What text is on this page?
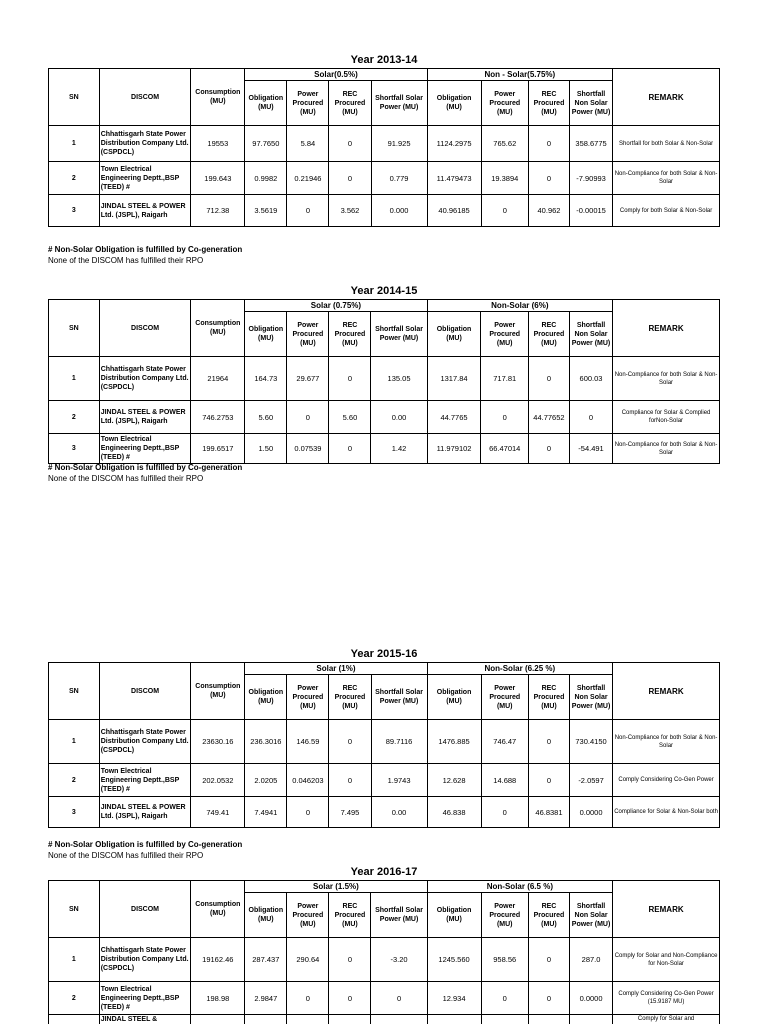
Year 2013-14
SN	DISCOM	Consumption (MU)	Solar(0.5%)				Non - Solar(5.75%)				REMARK
			Obligation (MU)	Power Procured (MU)	REC Procured (MU)	Shortfall Solar Power (MU)	Obligation (MU)	Power Procured (MU)	REC Procured (MU)	Shortfall Non Solar Power (MU)	
1	Chhattisgarh State Power Distribution Company Ltd. (CSPDCL)	19553	97.7650	5.84	0	91.925	1124.2975	765.62	0	358.6775	Shortfall for both Solar & Non-Solar
2	Town Electrical Engineering Deptt.,BSP (TEED) #	199.643	0.9982	0.21946	0	0.779	11.479473	19.3894	0	-7.90993	Non-Compliance for both Solar & Non-Solar
3	JINDAL STEEL & POWER Ltd. (JSPL), Raigarh	712.38	3.5619	0	3.562	0.000	40.96185	0	40.962	-0.00015	Comply for both Solar & Non-Solar
# Non-Solar Obligation is fulfilled by Co-generation
None of the DISCOM has fulfilled their RPO
Year 2014-15
SN	DISCOM	Consumption (MU)	Solar (0.75%)				Non-Solar (6%)				REMARK
			Obligation (MU)	Power Procured (MU)	REC Procured (MU)	Shortfall Solar Power (MU)	Obligation (MU)	Power Procured (MU)	REC Procured (MU)	Shortfall Non Solar Power (MU)	
1	Chhattisgarh State Power Distribution Company Ltd. (CSPDCL)	21964	164.73	29.677	0	135.05	1317.84	717.81	0	600.03	Non-Compliance for both Solar & Non-Solar
2	JINDAL STEEL & POWER Ltd. (JSPL), Raigarh	746.2753	5.60	0	5.60	0.00	44.7765	0	44.77652	0	Compliance for Solar & Complied forNon-Solar
3	Town Electrical Engineering Deptt.,BSP (TEED) #	199.6517	1.50	0.07539	0	1.42	11.979102	66.47014	0	-54.491	Non-Compliance for both Solar & Non-Solar
# Non-Solar Obligation is fulfilled by Co-generation
None of the DISCOM has fulfilled their RPO
Year 2015-16
SN	DISCOM	Consumption (MU)	Solar (1%)				Non-Solar (6.25 %)				REMARK
			Obligation (MU)	Power Procured (MU)	REC Procured (MU)	Shortfall Solar Power (MU)	Obligation (MU)	Power Procured (MU)	REC Procured (MU)	Shortfall Non Solar Power (MU)	
1	Chhattisgarh State Power Distribution Company Ltd. (CSPDCL)	23630.16	236.3016	146.59	0	89.7116	1476.885	746.47	0	730.4150	Non-Compliance for both Solar & Non-Solar
2	Town Electrical Engineering Deptt.,BSP (TEED) #	202.0532	2.0205	0.046203	0	1.9743	12.628	14.688	0	-2.0597	Comply Considering Co-Gen Power
3	JINDAL STEEL & POWER Ltd. (JSPL), Raigarh	749.41	7.4941	0	7.495	0.00	46.838	0	46.8381	0.0000	Compliance for Solar & Non-Solar both
# Non-Solar Obligation is fulfilled by Co-generation
None of the DISCOM has fulfilled their RPO
Year 2016-17
SN	DISCOM	Consumption (MU)	Solar (1.5%)				Non-Solar (6.5 %)				REMARK
			Obligation (MU)	Power Procured (MU)	REC Procured (MU)	Shortfall Solar Power (MU)	Obligation (MU)	Power Procured (MU)	REC Procured (MU)	Shortfall Non Solar Power (MU)	
1	Chhattisgarh State Power Distribution Company Ltd. (CSPDCL)	19162.46	287.437	290.64	0	-3.20	1245.560	958.56	0	287.0	Comply for Solar and Non-Compliance for Non-Solar
2	Town Electrical Engineering Deptt.,BSP (TEED) #	198.98	2.9847	0	0	0	12.934	0	0	0.0000	Comply Considering Co-Gen Power (15.9187 MU)
	JINDAL STEEL &										Comply for Solar and
